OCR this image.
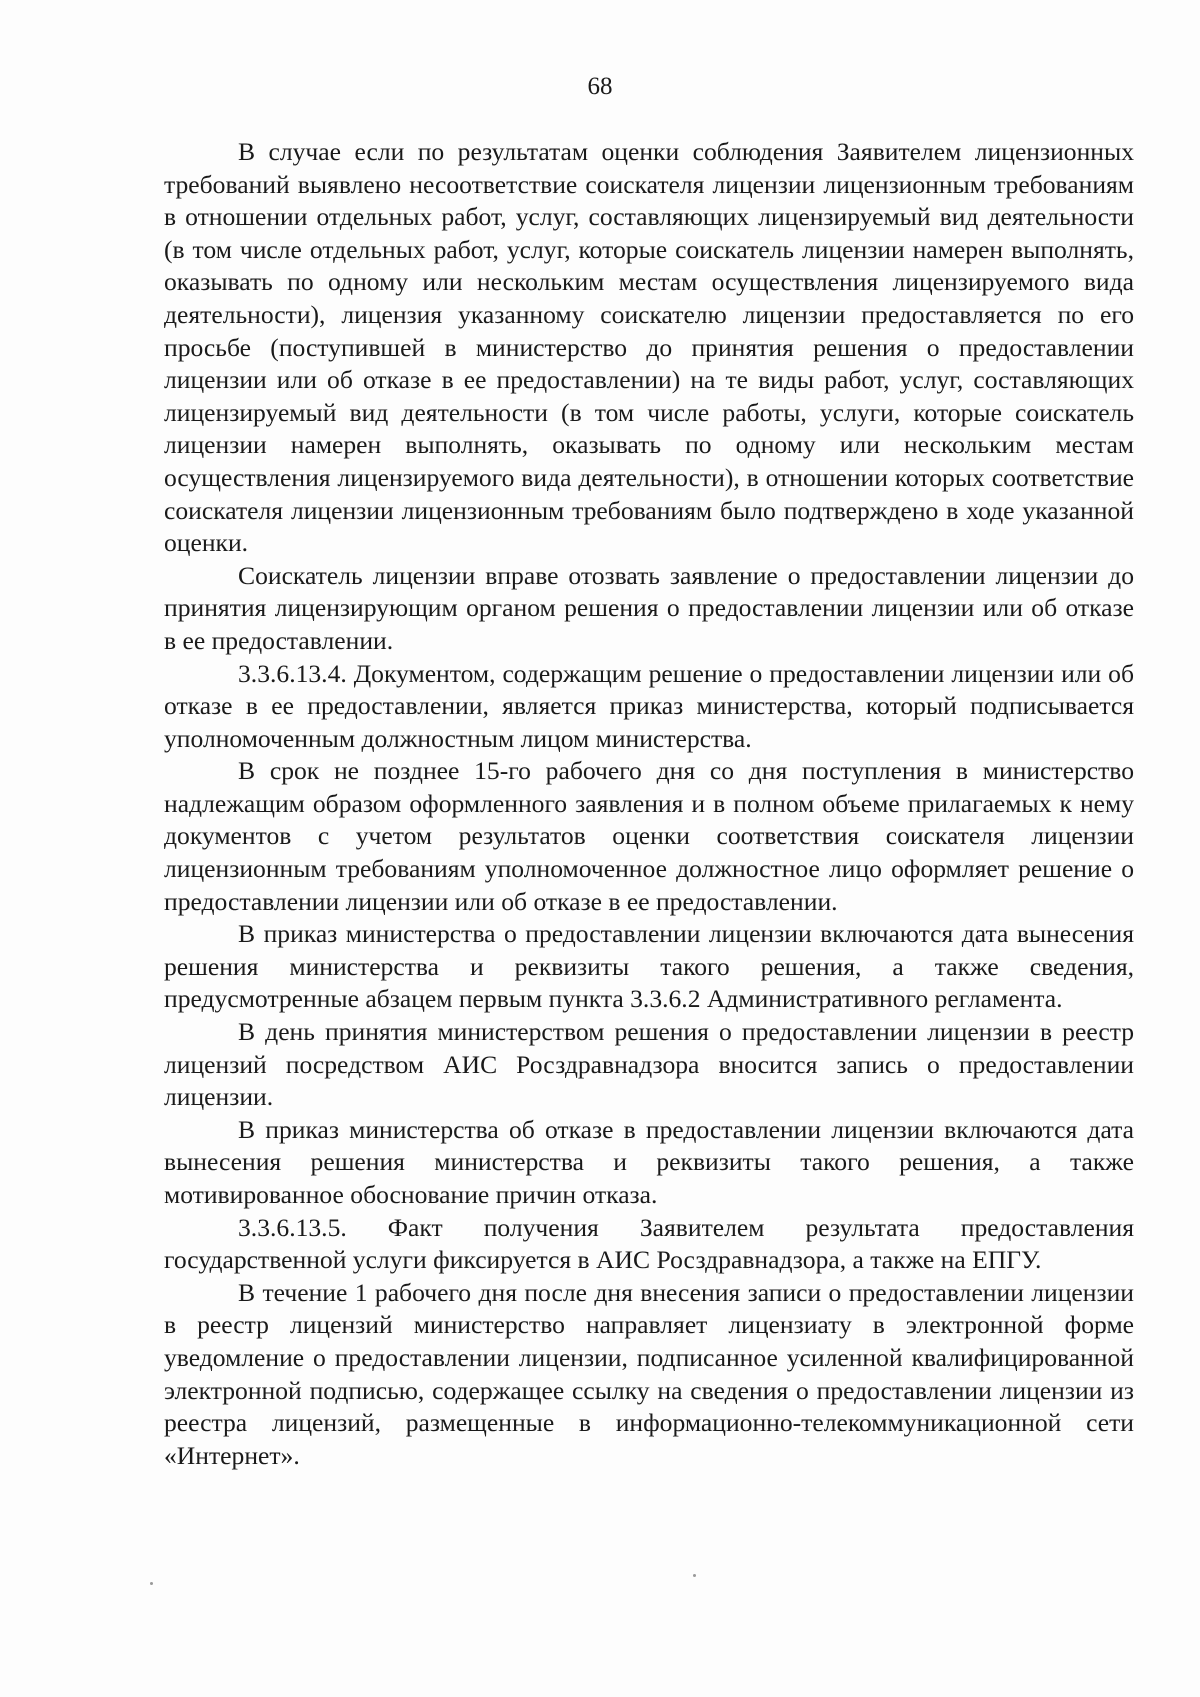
68

В случае если по результатам оценки соблюдения Заявителем лицензионных требований выявлено несоответствие соискателя лицензии лицензионным требованиям в отношении отдельных работ, услуг, составляющих лицензируемый вид деятельности (в том числе отдельных работ, услуг, которые соискатель лицензии намерен выполнять, оказывать по одному или нескольким местам осуществления лицензируемого вида деятельности), лицензия указанному соискателю лицензии предоставляется по его просьбе (поступившей в министерство до принятия решения о предоставлении лицензии или об отказе в ее предоставлении) на те виды работ, услуг, составляющих лицензируемый вид деятельности (в том числе работы, услуги, которые соискатель лицензии намерен выполнять, оказывать по одному или нескольким местам осуществления лицензируемого вида деятельности), в отношении которых соответствие соискателя лицензии лицензионным требованиям было подтверждено в ходе указанной оценки.

Соискатель лицензии вправе отозвать заявление о предоставлении лицензии до принятия лицензирующим органом решения о предоставлении лицензии или об отказе в ее предоставлении.

3.3.6.13.4. Документом, содержащим решение о предоставлении лицензии или об отказе в ее предоставлении, является приказ министерства, который подписывается уполномоченным должностным лицом министерства.

В срок не позднее 15-го рабочего дня со дня поступления в министерство надлежащим образом оформленного заявления и в полном объеме прилагаемых к нему документов с учетом результатов оценки соответствия соискателя лицензии лицензионным требованиям уполномоченное должностное лицо оформляет решение о предоставлении лицензии или об отказе в ее предоставлении.

В приказ министерства о предоставлении лицензии включаются дата вынесения решения министерства и реквизиты такого решения, а также сведения, предусмотренные абзацем первым пункта 3.3.6.2 Административного регламента.

В день принятия министерством решения о предоставлении лицензии в реестр лицензий посредством АИС Росздравнадзора вносится запись о предоставлении лицензии.

В приказ министерства об отказе в предоставлении лицензии включаются дата вынесения решения министерства и реквизиты такого решения, а также мотивированное обоснование причин отказа.

3.3.6.13.5. Факт получения Заявителем результата предоставления государственной услуги фиксируется в АИС Росздравнадзора, а также на ЕПГУ.

В течение 1 рабочего дня после дня внесения записи о предоставлении лицензии в реестр лицензий министерство направляет лицензиату в электронной форме уведомление о предоставлении лицензии, подписанное усиленной квалифицированной электронной подписью, содержащее ссылку на сведения о предоставлении лицензии из реестра лицензий, размещенные в информационно-телекоммуникационной сети «Интернет».
